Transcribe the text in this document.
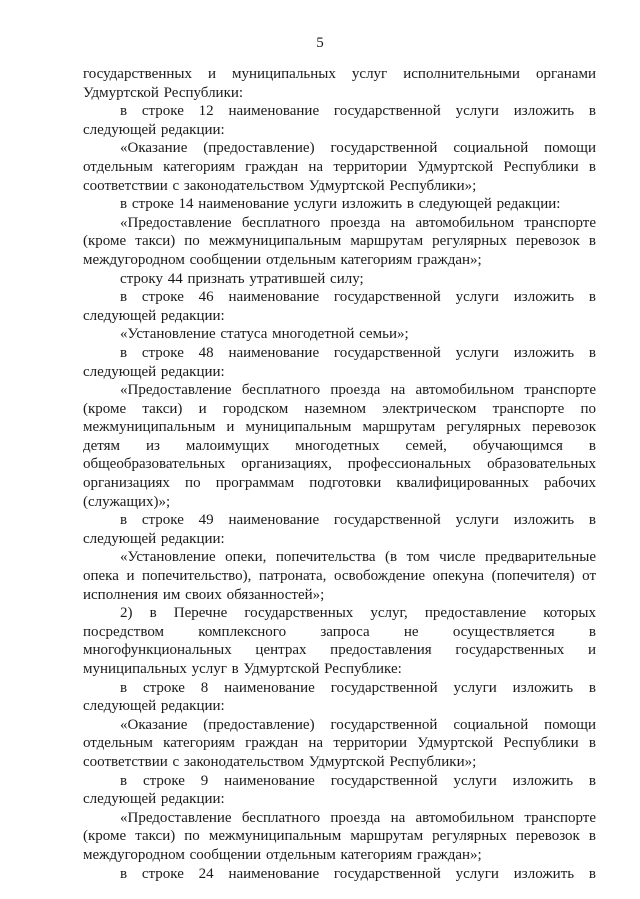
5

государственных и муниципальных услуг исполнительными органами Удмуртской Республики:

в строке 12 наименование государственной услуги изложить в следующей редакции:

«Оказание (предоставление) государственной социальной помощи отдельным категориям граждан на территории Удмуртской Республики в соответствии с законодательством Удмуртской Республики»;

в строке 14 наименование услуги изложить в следующей редакции:

«Предоставление бесплатного проезда на автомобильном транспорте (кроме такси) по межмуниципальным маршрутам регулярных перевозок в междугородном сообщении отдельным категориям граждан»;

строку 44 признать утратившей силу;

в строке 46 наименование государственной услуги изложить в следующей редакции:

«Установление статуса многодетной семьи»;

в строке 48 наименование государственной услуги изложить в следующей редакции:

«Предоставление бесплатного проезда на автомобильном транспорте (кроме такси) и городском наземном электрическом транспорте по межмуниципальным и муниципальным маршрутам регулярных перевозок детям из малоимущих многодетных семей, обучающимся в общеобразовательных организациях, профессиональных образовательных организациях по программам подготовки квалифицированных рабочих (служащих)»;

в строке 49 наименование государственной услуги изложить в следующей редакции:

«Установление опеки, попечительства (в том числе предварительные опека и попечительство), патроната, освобождение опекуна (попечителя) от исполнения им своих обязанностей»;

2) в Перечне государственных услуг, предоставление которых посредством комплексного запроса не осуществляется в многофункциональных центрах предоставления государственных и муниципальных услуг в Удмуртской Республике:

в строке 8 наименование государственной услуги изложить в следующей редакции:

«Оказание (предоставление) государственной социальной помощи отдельным категориям граждан на территории Удмуртской Республики в соответствии с законодательством Удмуртской Республики»;

в строке 9 наименование государственной услуги изложить в следующей редакции:

«Предоставление бесплатного проезда на автомобильном транспорте (кроме такси) по межмуниципальным маршрутам регулярных перевозок в междугородном сообщении отдельным категориям граждан»;

в строке 24 наименование государственной услуги изложить в
